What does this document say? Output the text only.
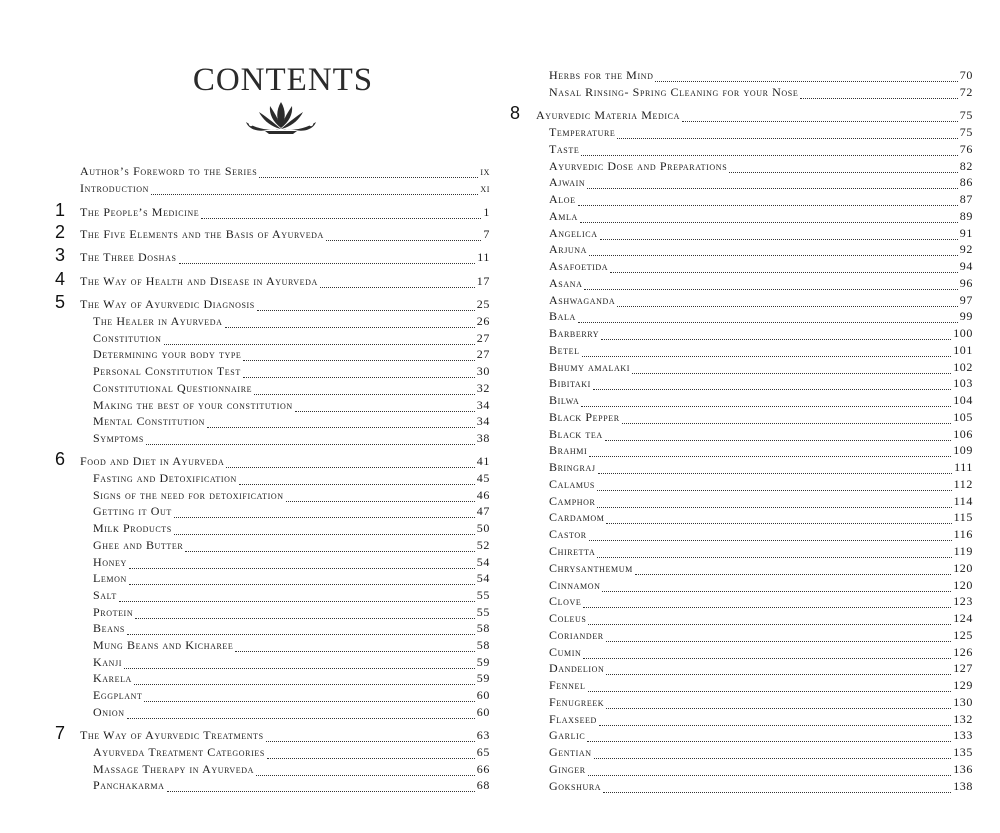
CONTENTS
Author’s Foreword to the Series	ix
Introduction	xi
1 The People’s Medicine	1
2 The Five Elements and the Basis of Ayurveda	7
3 The Three Doshas	11
4 The Way of Health and Disease in Ayurveda	17
5 The Way of Ayurvedic Diagnosis	25
The Healer in Ayurveda	26
Constitution	27
Determining your body type	27
Personal Constitution Test	30
Constitutional Questionnaire	32
Making the best of your constitution	34
Mental Constitution	34
Symptoms	38
6 Food and Diet in Ayurveda	41
Fasting and Detoxification	45
Signs of the need for detoxification	46
Getting it Out	47
Milk Products	50
Ghee and Butter	52
Honey	54
Lemon	54
Salt	55
Protein	55
Beans	58
Mung Beans and Kicharee	58
Kanji	59
Karela	59
Eggplant	60
Onion	60
7 The Way of Ayurvedic Treatments	63
Ayurveda Treatment Categories	65
Massage Therapy in Ayurveda	66
Panchakarma	68
Herbs for the Mind	70
Nasal Rinsing- Spring Cleaning for your Nose	72
8 Ayurvedic Materia Medica	75
Temperature	75
Taste	76
Ayurvedic Dose and Preparations	82
Ajwain	86
Aloe	87
Amla	89
Angelica	91
Arjuna	92
Asafoetida	94
Asana	96
Ashwaganda	97
Bala	99
Barberry	100
Betel	101
Bhumy amalaki	102
Bibitaki	103
Bilwa	104
Black Pepper	105
Black tea	106
Brahmi	109
Bringraj	111
Calamus	112
Camphor	114
Cardamom	115
Castor	116
Chiretta	119
Chrysanthemum	120
Cinnamon	120
Clove	123
Coleus	124
Coriander	125
Cumin	126
Dandelion	127
Fennel	129
Fenugreek	130
Flaxseed	132
Garlic	133
Gentian	135
Ginger	136
Gokshura	138
